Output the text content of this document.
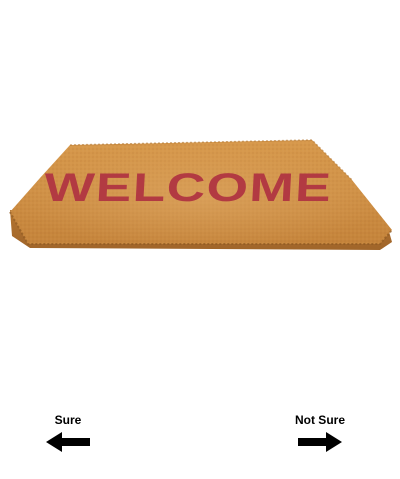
WELCOME
Sure	Not Sure
